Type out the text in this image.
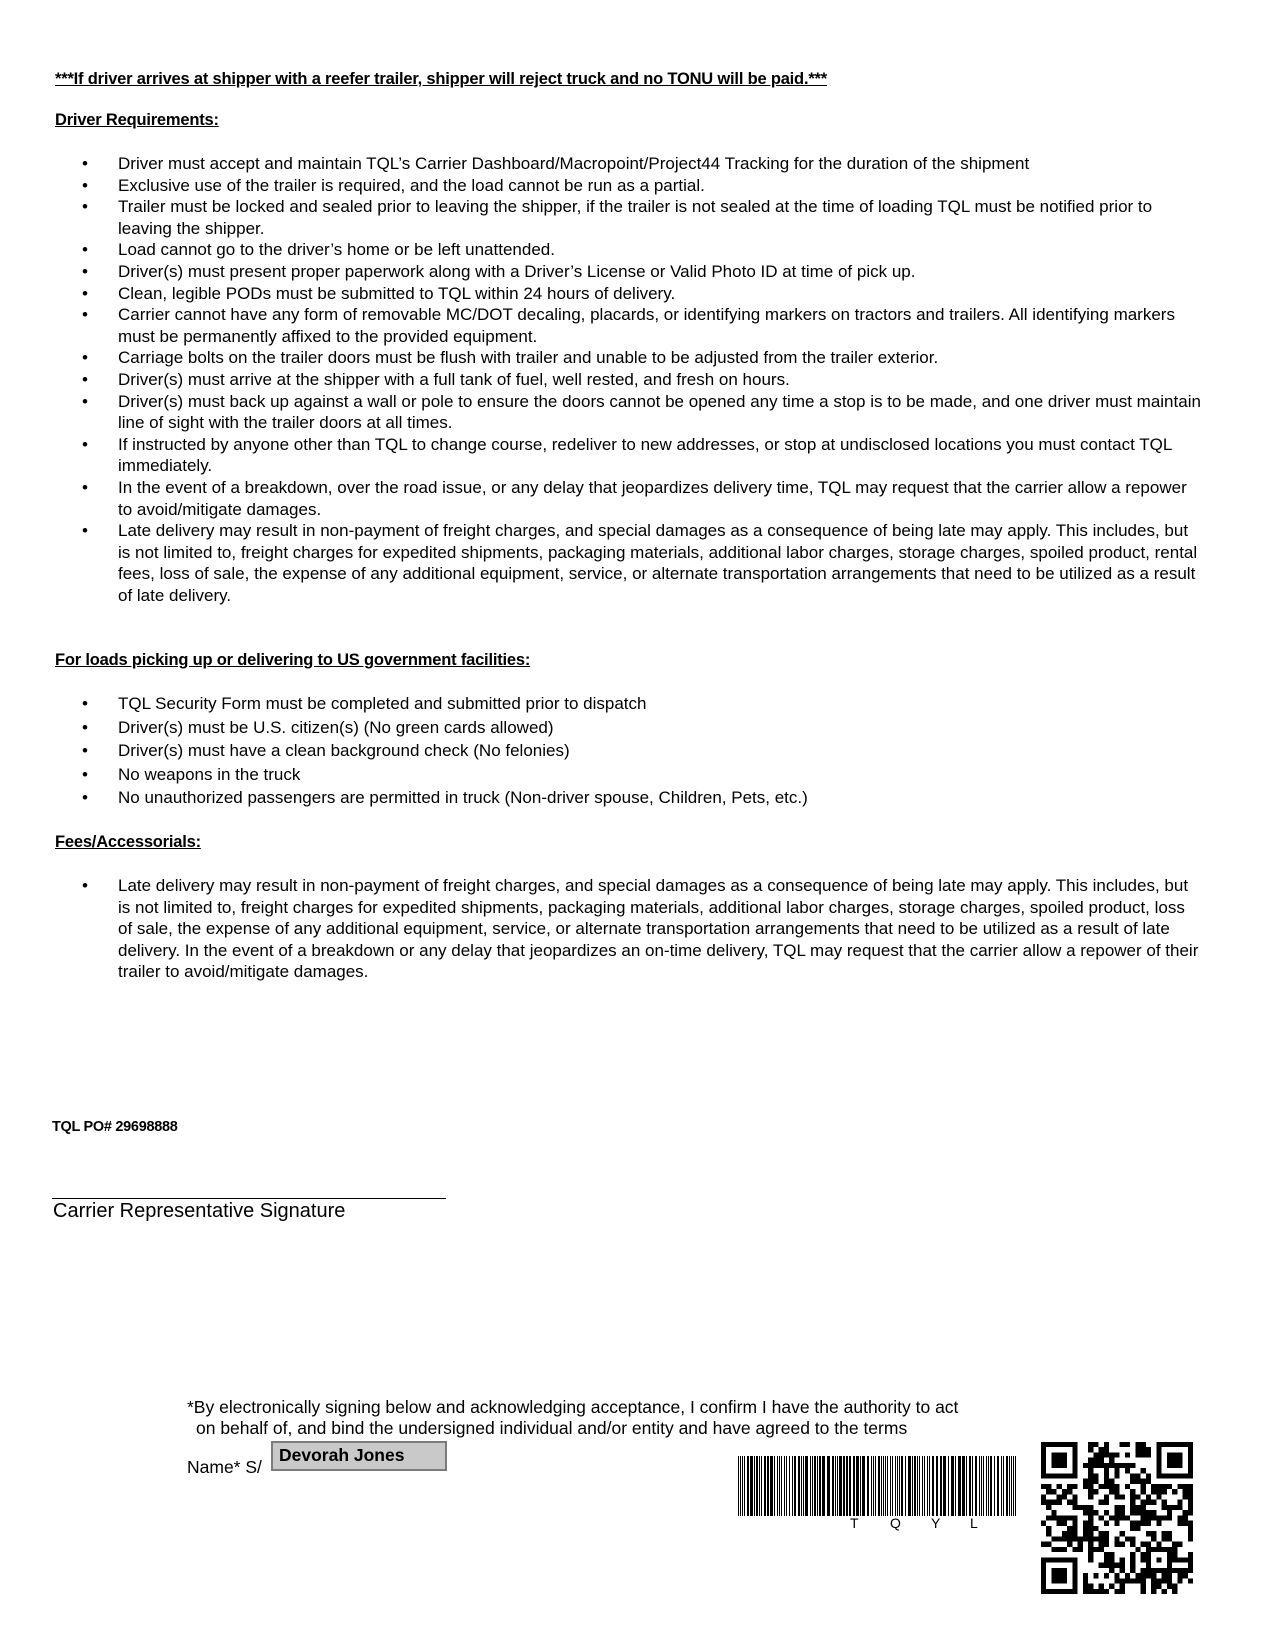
***If driver arrives at shipper with a reefer trailer, shipper will reject truck and no TONU will be paid.***
Driver Requirements:
• Driver must accept and maintain TQL’s Carrier Dashboard/Macropoint/Project44 Tracking for the duration of the shipment
• Exclusive use of the trailer is required, and the load cannot be run as a partial.
• Trailer must be locked and sealed prior to leaving the shipper, if the trailer is not sealed at the time of loading TQL must be notified prior to leaving the shipper.
• Load cannot go to the driver’s home or be left unattended.
• Driver(s) must present proper paperwork along with a Driver’s License or Valid Photo ID at time of pick up.
• Clean, legible PODs must be submitted to TQL within 24 hours of delivery.
• Carrier cannot have any form of removable MC/DOT decaling, placards, or identifying markers on tractors and trailers. All identifying markers must be permanently affixed to the provided equipment.
• Carriage bolts on the trailer doors must be flush with trailer and unable to be adjusted from the trailer exterior.
• Driver(s) must arrive at the shipper with a full tank of fuel, well rested, and fresh on hours.
• Driver(s) must back up against a wall or pole to ensure the doors cannot be opened any time a stop is to be made, and one driver must maintain line of sight with the trailer doors at all times.
• If instructed by anyone other than TQL to change course, redeliver to new addresses, or stop at undisclosed locations you must contact TQL immediately.
• In the event of a breakdown, over the road issue, or any delay that jeopardizes delivery time, TQL may request that the carrier allow a repower to avoid/mitigate damages.
• Late delivery may result in non-payment of freight charges, and special damages as a consequence of being late may apply. This includes, but is not limited to, freight charges for expedited shipments, packaging materials, additional labor charges, storage charges, spoiled product, rental fees, loss of sale, the expense of any additional equipment, service, or alternate transportation arrangements that need to be utilized as a result of late delivery.
For loads picking up or delivering to US government facilities:
• TQL Security Form must be completed and submitted prior to dispatch
• Driver(s) must be U.S. citizen(s) (No green cards allowed)
• Driver(s) must have a clean background check (No felonies)
• No weapons in the truck
• No unauthorized passengers are permitted in truck (Non-driver spouse, Children, Pets, etc.)
Fees/Accessorials:
• Late delivery may result in non-payment of freight charges, and special damages as a consequence of being late may apply. This includes, but is not limited to, freight charges for expedited shipments, packaging materials, additional labor charges, storage charges, spoiled product, loss of sale, the expense of any additional equipment, service, or alternate transportation arrangements that need to be utilized as a result of late delivery. In the event of a breakdown or any delay that jeopardizes an on-time delivery, TQL may request that the carrier allow a repower of their trailer to avoid/mitigate damages.
TQL PO# 29698888
Carrier Representative Signature
*By electronically signing below and acknowledging acceptance, I confirm I have the authority to act
on behalf of, and bind the undersigned individual and/or entity and have agreed to the terms
Name* S/
Devorah Jones
T Q Y L
